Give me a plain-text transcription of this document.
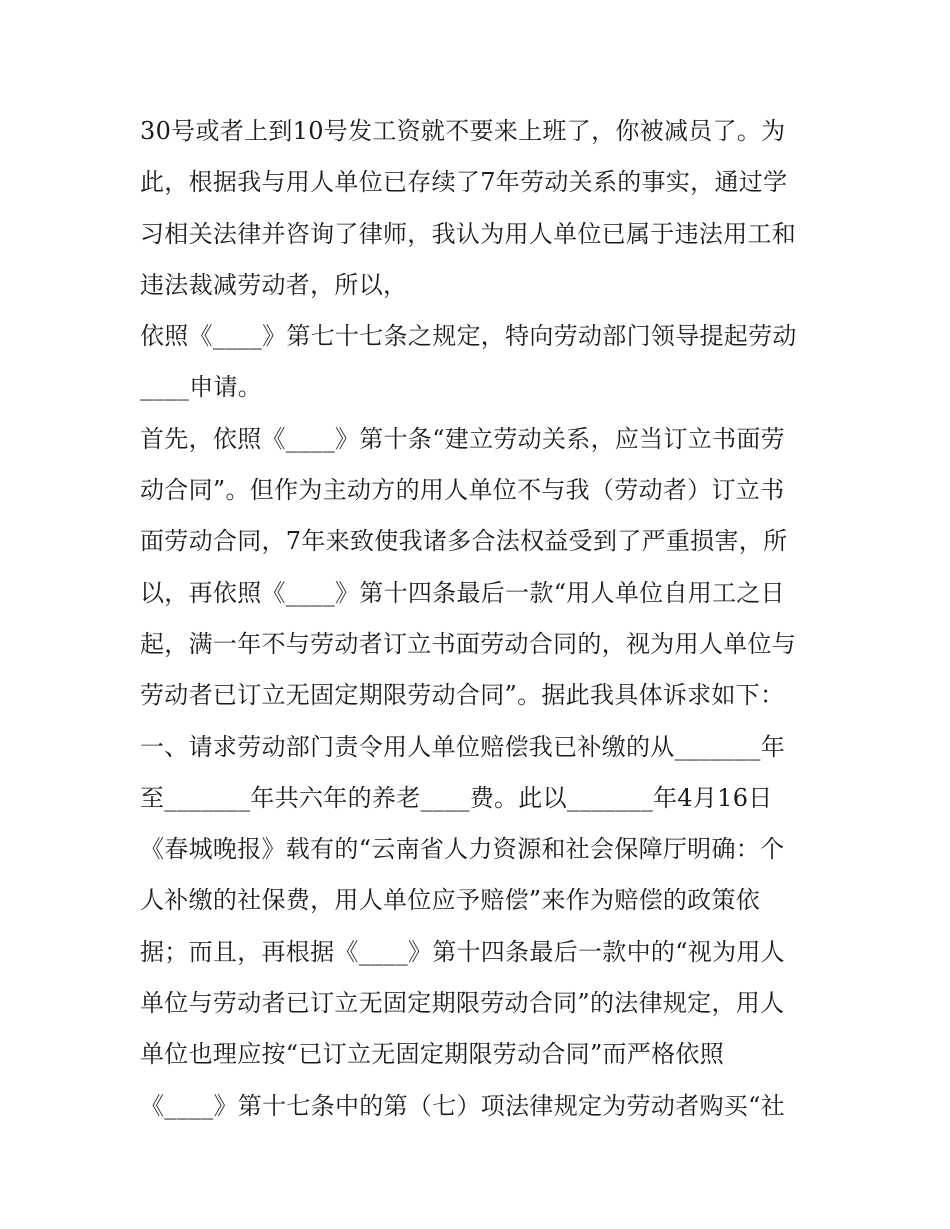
30号或者上到10号发工资就不要来上班了，你被减员了。为
此，根据我与用人单位已存续了7年劳动关系的事实，通过学
习相关法律并咨询了律师，我认为用人单位已属于违法用工和
违法裁减劳动者，所以，
依照《____》第七十七条之规定，特向劳动部门领导提起劳动
____申请。
首先，依照《____》第十条“建立劳动关系，应当订立书面劳
动合同”。但作为主动方的用人单位不与我（劳动者）订立书
面劳动合同，7年来致使我诸多合法权益受到了严重损害，所
以，再依照《____》第十四条最后一款“用人单位自用工之日
起，满一年不与劳动者订立书面劳动合同的，视为用人单位与
劳动者已订立无固定期限劳动合同”。据此我具体诉求如下：
一、请求劳动部门责令用人单位赔偿我已补缴的从_______年
至_______年共六年的养老____费。此以_______年4月16日
《春城晚报》载有的“云南省人力资源和社会保障厅明确：个
人补缴的社保费，用人单位应予赔偿”来作为赔偿的政策依
据；而且，再根据《____》第十四条最后一款中的“视为用人
单位与劳动者已订立无固定期限劳动合同”的法律规定，用人
单位也理应按“已订立无固定期限劳动合同”而严格依照
《____》第十七条中的第（七）项法律规定为劳动者购买“社
